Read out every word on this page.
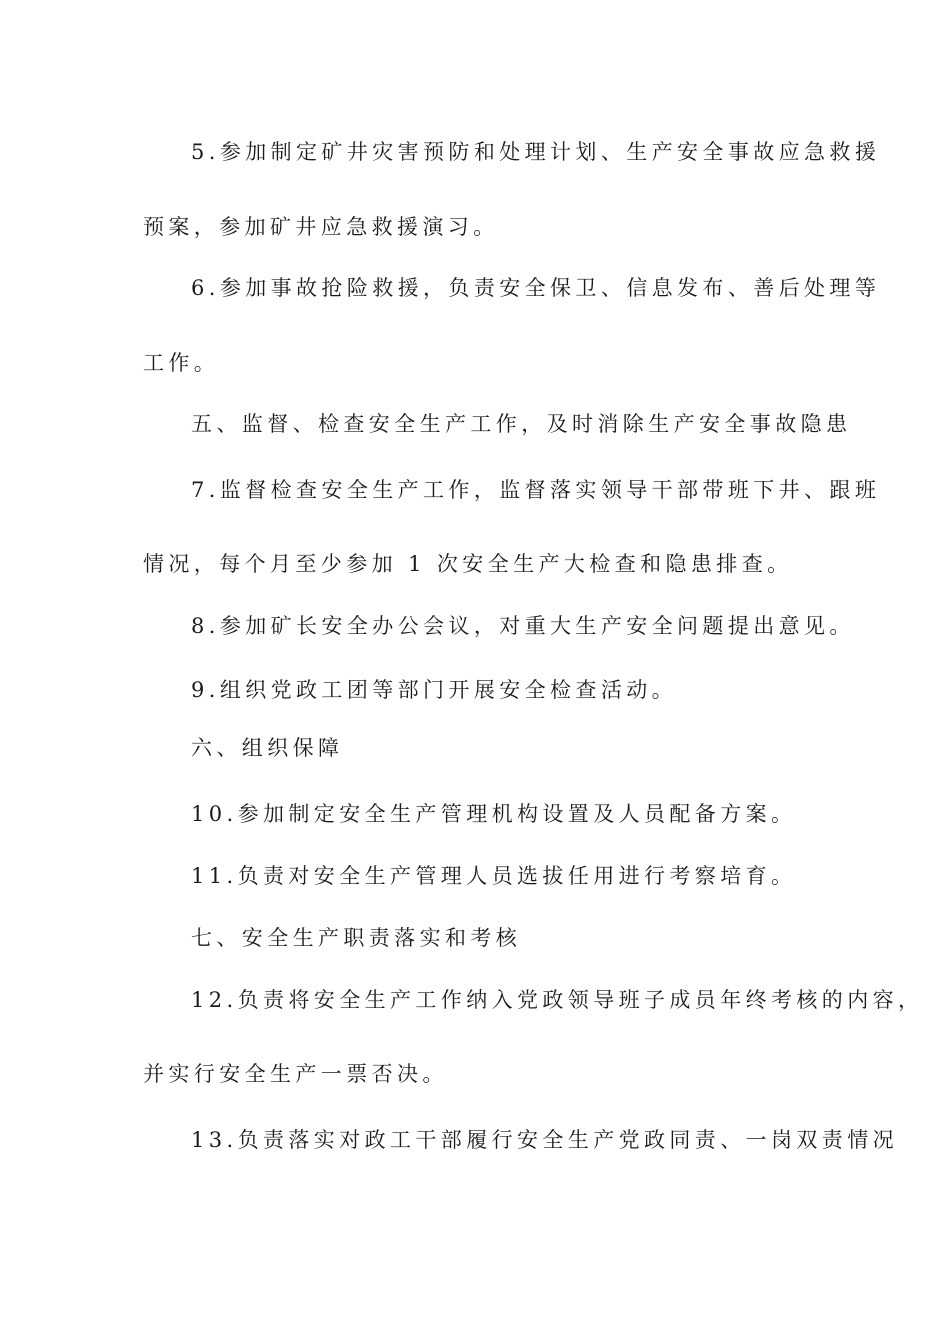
5.参加制定矿井灾害预防和处理计划、生产安全事故应急救援
预案，参加矿井应急救援演习。
6.参加事故抢险救援，负责安全保卫、信息发布、善后处理等
工作。
五、监督、检查安全生产工作，及时消除生产安全事故隐患
7.监督检查安全生产工作，监督落实领导干部带班下井、跟班
情况，每个月至少参加 1 次安全生产大检查和隐患排查。
8.参加矿长安全办公会议，对重大生产安全问题提出意见。
9.组织党政工团等部门开展安全检查活动。
六、组织保障
10.参加制定安全生产管理机构设置及人员配备方案。
11.负责对安全生产管理人员选拔任用进行考察培育。
七、安全生产职责落实和考核
12.负责将安全生产工作纳入党政领导班子成员年终考核的内容，
并实行安全生产一票否决。
13.负责落实对政工干部履行安全生产党政同责、一岗双责情况
